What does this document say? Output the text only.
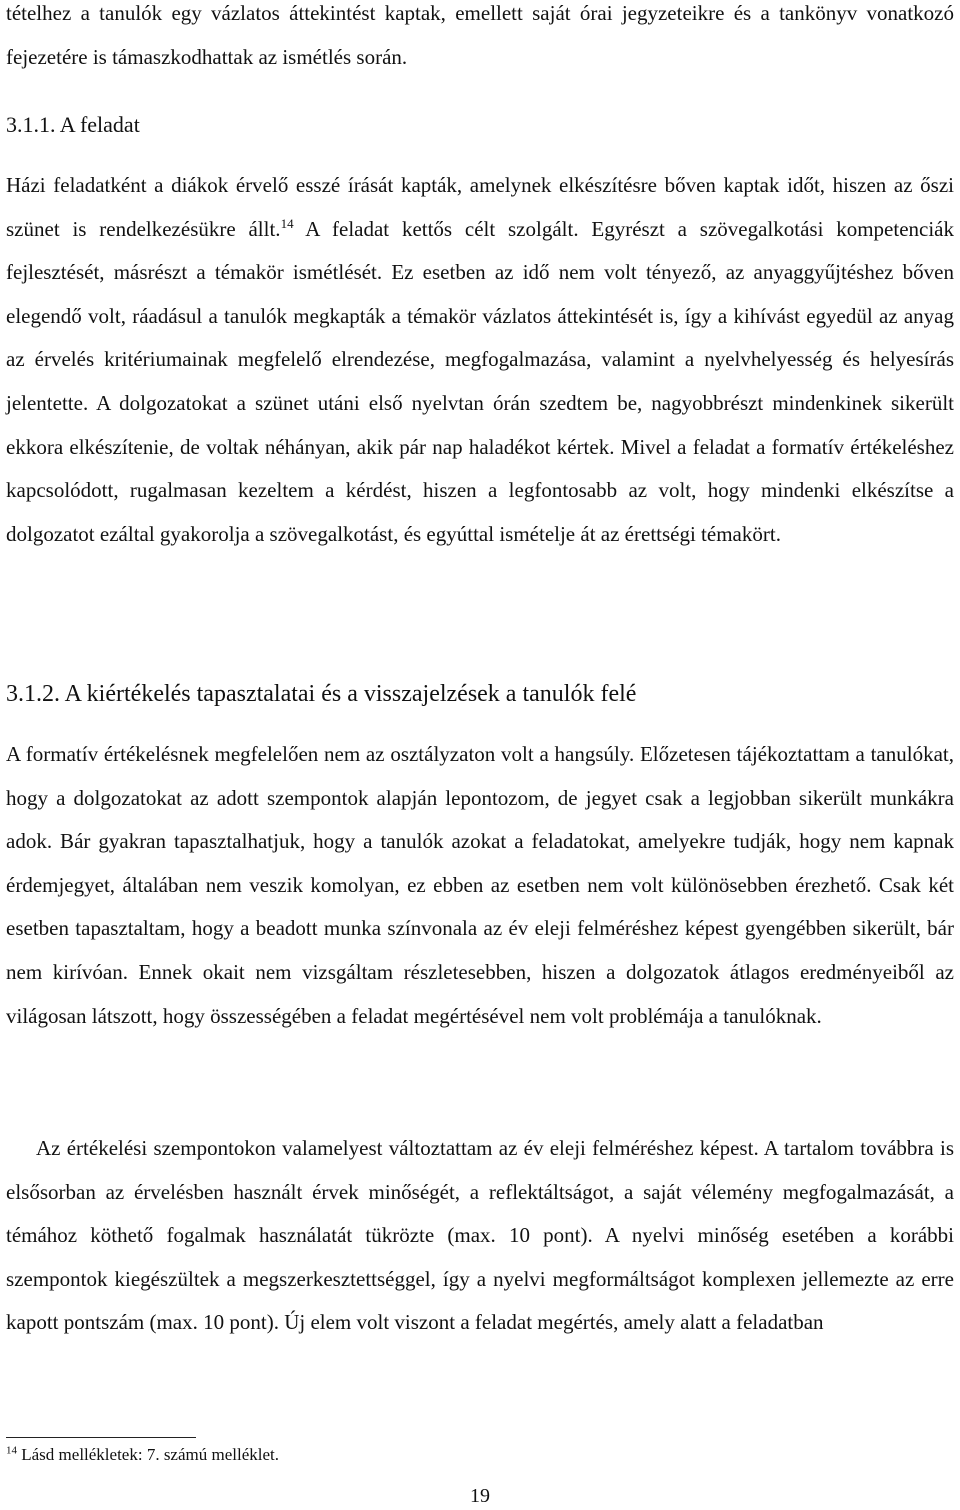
tételhez a tanulók egy vázlatos áttekintést kaptak, emellett saját órai jegyzeteikre és a tankönyv vonatkozó fejezetére is támaszkodhattak az ismétlés során.

3.1.1. A feladat

Házi feladatként a diákok érvelő esszé írását kapták, amelynek elkészítésre bőven kaptak időt, hiszen az őszi szünet is rendelkezésükre állt.$^{14}$ A feladat kettős célt szolgált. Egyrészt a szövegalkotási kompetenciák fejlesztését, másrészt a témakör ismétlését. Ez esetben az idő nem volt tényező, az anyaggyűjtéshez bőven elegendő volt, ráadásul a tanulók megkapták a témakör vázlatos áttekintését is, így a kihívást egyedül az anyag az érvelés kritériumainak megfelelő elrendezése, megfogalmazása, valamint a nyelvhelyesség és helyesírás jelentette. A dolgozatokat a szünet utáni első nyelvtan órán szedtem be, nagyobbrészt mindenkinek sikerült ekkora elkészítenie, de voltak néhányan, akik pár nap haladékot kértek. Mivel a feladat a formatív értékeléshez kapcsolódott, rugalmasan kezeltem a kérdést, hiszen a legfontosabb az volt, hogy mindenki elkészítse a dolgozatot ezáltal gyakorolja a szövegalkotást, és egyúttal ismételje át az érettségi témakört.

3.1.2. A kiértékelés tapasztalatai és a visszajelzések a tanulók felé

A formatív értékelésnek megfelelően nem az osztályzaton volt a hangsúly. Előzetesen tájékoztattam a tanulókat, hogy a dolgozatokat az adott szempontok alapján lepontozom, de jegyet csak a legjobban sikerült munkákra adok. Bár gyakran tapasztalhatjuk, hogy a tanulók azokat a feladatokat, amelyekre tudják, hogy nem kapnak érdemjegyet, általában nem veszik komolyan, ez ebben az esetben nem volt különösebben érezhető. Csak két esetben tapasztaltam, hogy a beadott munka színvonala az év eleji felméréshez képest gyengébben sikerült, bár nem kirívóan. Ennek okait nem vizsgáltam részletesebben, hiszen a dolgozatok átlagos eredményeiből az világosan látszott, hogy összességében a feladat megértésével nem volt problémája a tanulóknak.

Az értékelési szempontokon valamelyest változtattam az év eleji felméréshez képest. A tartalom továbbra is elsősorban az érvelésben használt érvek minőségét, a reflektáltságot, a saját vélemény megfogalmazását, a témához köthető fogalmak használatát tükrözte (max. 10 pont). A nyelvi minőség esetében a korábbi szempontok kiegészültek a megszerkesztettséggel, így a nyelvi megformáltságot komplexen jellemezte az erre kapott pontszám (max. 10 pont). Új elem volt viszont a feladat megértés, amely alatt a feladatban

$^{14}$ Lásd mellékletek: 7. számú melléklet.

19
